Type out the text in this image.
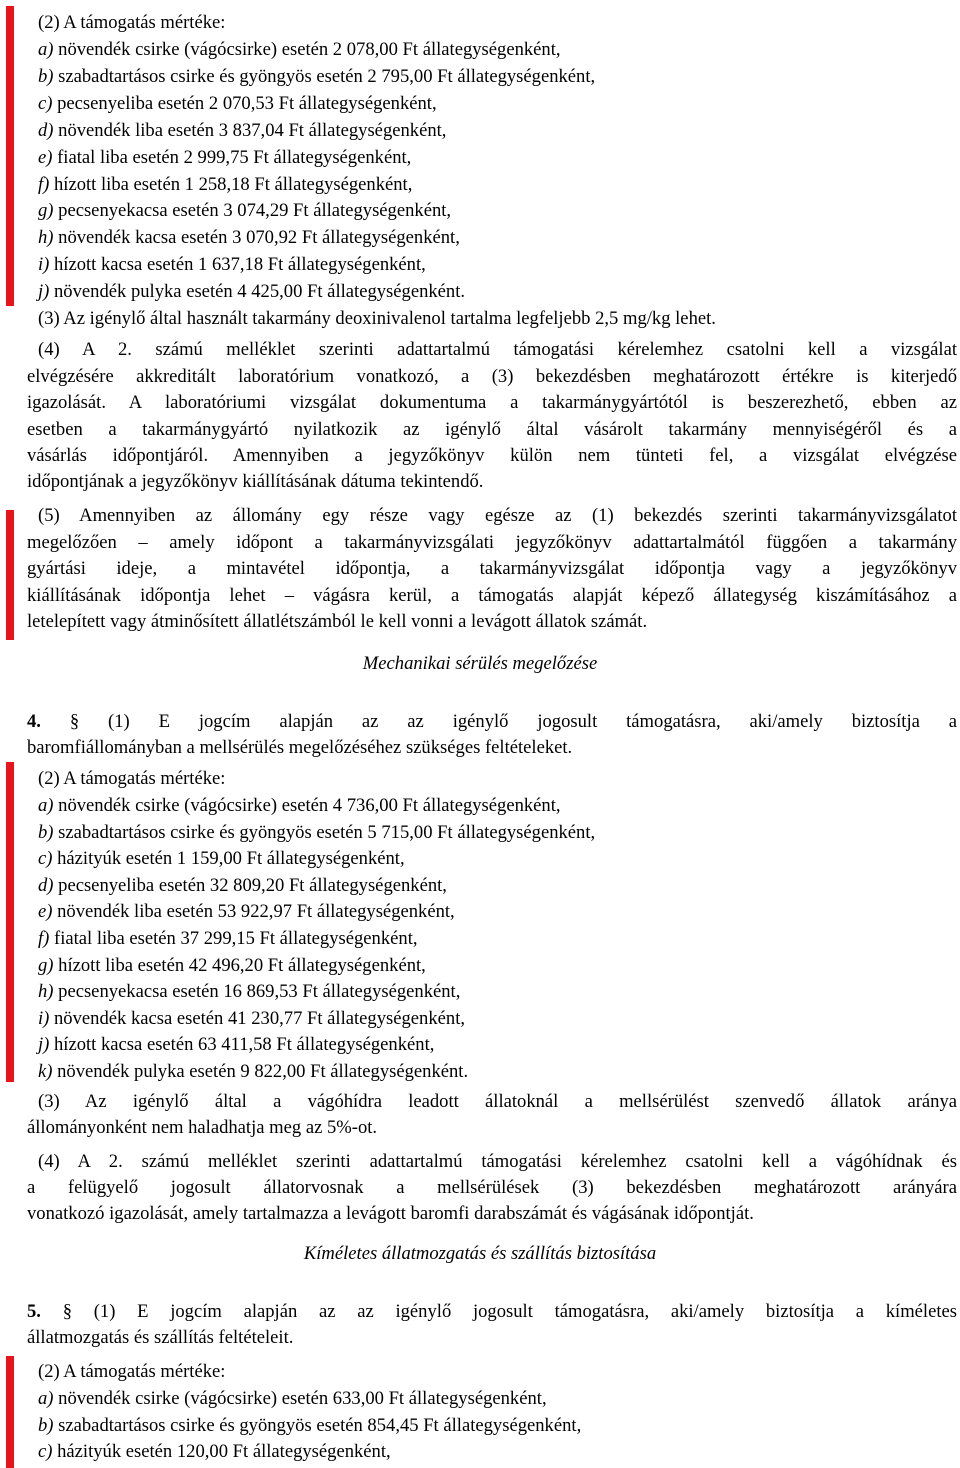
(2) A támogatás mértéke:
a) növendék csirke (vágócsirke) esetén 2 078,00 Ft állategységenként,
b) szabadtartásos csirke és gyöngyös esetén 2 795,00 Ft állategységenként,
c) pecsenyeliba esetén 2 070,53 Ft állategységenként,
d) növendék liba esetén 3 837,04 Ft állategységenként,
e) fiatal liba esetén 2 999,75 Ft állategységenként,
f) hízott liba esetén 1 258,18 Ft állategységenként,
g) pecsenyekacsa esetén 3 074,29 Ft állategységenként,
h) növendék kacsa esetén 3 070,92 Ft állategységenként,
i) hízott kacsa esetén 1 637,18 Ft állategységenként,
j) növendék pulyka esetén 4 425,00 Ft állategységenként.
(3) Az igénylő által használt takarmány deoxinivalenol tartalma legfeljebb 2,5 mg/kg lehet.
(4) A 2. számú melléklet szerinti adattartalmú támogatási kérelemhez csatolni kell a vizsgálat
elvégzésére akkreditált laboratórium vonatkozó, a (3) bekezdésben meghatározott értékre is kiterjedő
igazolását. A laboratóriumi vizsgálat dokumentuma a takarmánygyártótól is beszerezhető, ebben az
esetben a takarmánygyártó nyilatkozik az igénylő által vásárolt takarmány mennyiségéről és a
vásárlás időpontjáról. Amennyiben a jegyzőkönyv külön nem tünteti fel, a vizsgálat elvégzése
időpontjának a jegyzőkönyv kiállításának dátuma tekintendő.
(5) Amennyiben az állomány egy része vagy egésze az (1) bekezdés szerinti takarmányvizsgálatot
megelőzően – amely időpont a takarmányvizsgálati jegyzőkönyv adattartalmától függően a takarmány
gyártási ideje, a mintavétel időpontja, a takarmányvizsgálat időpontja vagy a jegyzőkönyv
kiállításának időpontja lehet – vágásra kerül, a támogatás alapját képező állategység kiszámításához a
letelepített vagy átminősített állatlétszámból le kell vonni a levágott állatok számát.
Mechanikai sérülés megelőzése
4. § (1) E jogcím alapján az az igénylő jogosult támogatásra, aki/amely biztosítja a
baromfiállományban a mellsérülés megelőzéséhez szükséges feltételeket.
(2) A támogatás mértéke:
a) növendék csirke (vágócsirke) esetén 4 736,00 Ft állategységenként,
b) szabadtartásos csirke és gyöngyös esetén 5 715,00 Ft állategységenként,
c) házityúk esetén 1 159,00 Ft állategységenként,
d) pecsenyeliba esetén 32 809,20 Ft állategységenként,
e) növendék liba esetén 53 922,97 Ft állategységenként,
f) fiatal liba esetén 37 299,15 Ft állategységenként,
g) hízott liba esetén 42 496,20 Ft állategységenként,
h) pecsenyekacsa esetén 16 869,53 Ft állategységenként,
i) növendék kacsa esetén 41 230,77 Ft állategységenként,
j) hízott kacsa esetén 63 411,58 Ft állategységenként,
k) növendék pulyka esetén 9 822,00 Ft állategységenként.
(3) Az igénylő által a vágóhídra leadott állatoknál a mellsérülést szenvedő állatok aránya
állományonként nem haladhatja meg az 5%-ot.
(4) A 2. számú melléklet szerinti adattartalmú támogatási kérelemhez csatolni kell a vágóhídnak és
a felügyelő jogosult állatorvosnak a mellsérülések (3) bekezdésben meghatározott arányára
vonatkozó igazolását, amely tartalmazza a levágott baromfi darabszámát és vágásának időpontját.
Kíméletes állatmozgatás és szállítás biztosítása
5. § (1) E jogcím alapján az az igénylő jogosult támogatásra, aki/amely biztosítja a kíméletes
állatmozgatás és szállítás feltételeit.
(2) A támogatás mértéke:
a) növendék csirke (vágócsirke) esetén 633,00 Ft állategységenként,
b) szabadtartásos csirke és gyöngyös esetén 854,45 Ft állategységenként,
c) házityúk esetén 120,00 Ft állategységenként,
